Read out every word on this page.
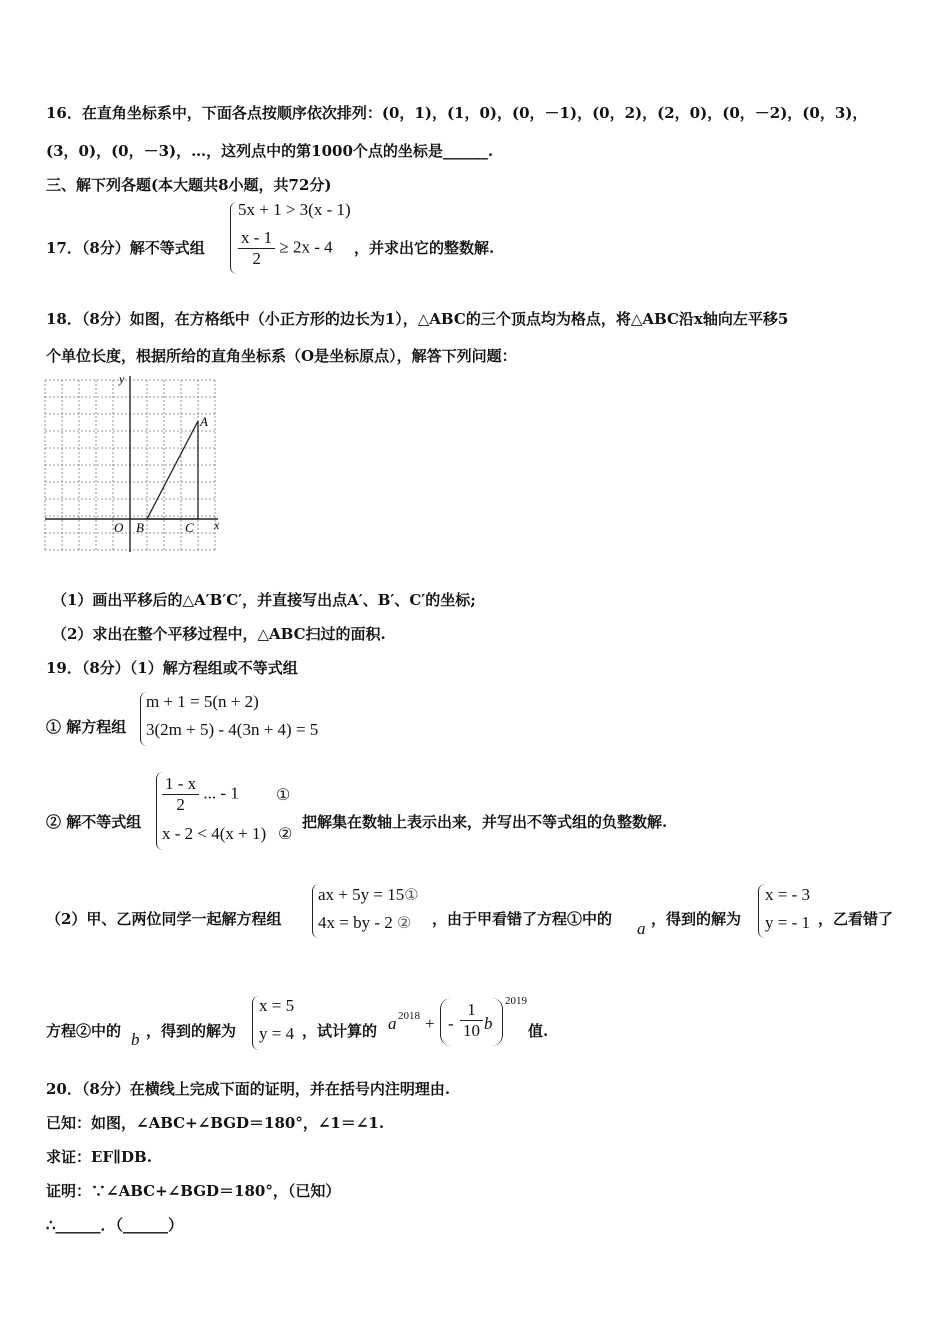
16．在直角坐标系中，下面各点按顺序依次排列：(0，1)，(1，0)，(0，－1)，(0，2)，(2，0)，(0，－2)，(0，3)，
(3，0)，(0，－3)，…，这列点中的第1000个点的坐标是______.
三、解下列各题(本大题共8小题，共72分)
17．（8分）解不等式组
5x + 1 > 3(x - 1)
$\frac{x - 1}{2} \ge 2x - 4$ ，并求出它的整数解.
18．（8分）如图，在方格纸中（小正方形的边长为1），△ABC的三个顶点均为格点，将△ABC沿x轴向左平移5
个单位长度，根据所给的直角坐标系（O是坐标原点），解答下列问题：
y
x
O B	C
A
（1）画出平移后的△A′B′C′，并直接写出点A′、B′、C′的坐标;
（2）求出在整个平移过程中，△ABC扫过的面积.
19．（8分）（1）解方程组或不等式组
① 解方程组
m + 1 = 5(n + 2)
3(2m + 5) - 4(3n + 4) = 5
② 解不等式组
$\frac{1 - x}{2}$ ... - 1 ①
x - 2 < 4(x + 1) ②
把解集在数轴上表示出来，并写出不等式组的负整数解.
（2）甲、乙两位同学一起解方程组
ax + 5y = 15①
4x = by - 2 ② ，由于甲看错了方程①中的 a ，得到的解为
x = - 3
y = - 1 ，乙看错了
方程②中的 b ，得到的解为
x = 5
y = 4 ，试计算的 a 2018 + - $\frac{1}{10}$ b
2019
值.
20．（8分）在横线上完成下面的证明，并在括号内注明理由.
已知：如图，∠ABC+∠BGD＝180°，∠1＝∠1.
求证：EF∥DB.
证明：∵∠ABC+∠BGD＝180°，（已知）
∴______．（______）
